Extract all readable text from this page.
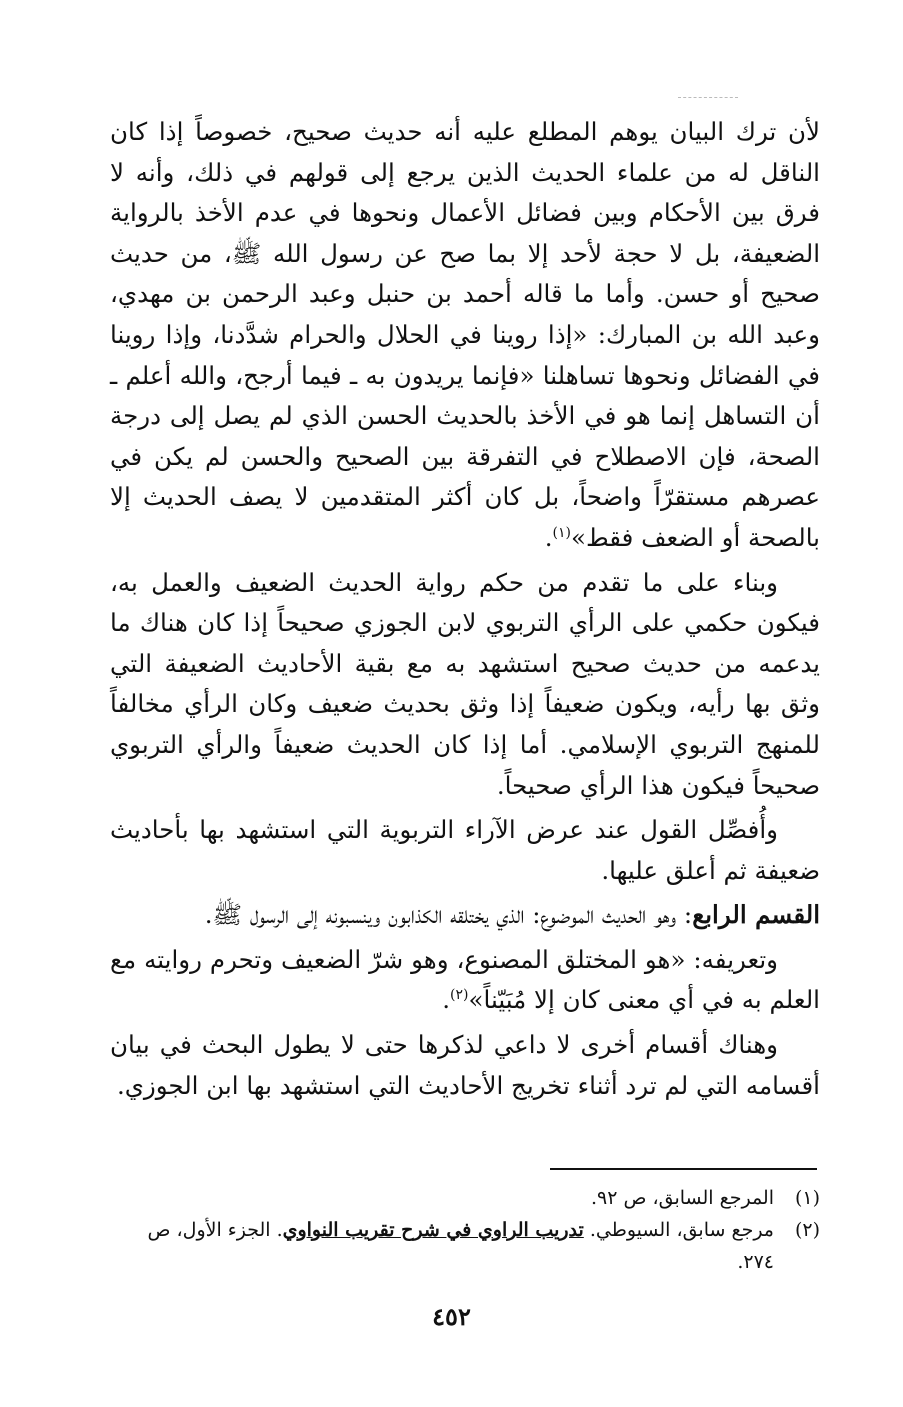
لأن ترك البيان يوهم المطلع عليه أنه حديث صحيح، خصوصاً إذا كان الناقل له من علماء الحديث الذين يرجع إلى قولهم في ذلك، وأنه لا فرق بين الأحكام وبين فضائل الأعمال ونحوها في عدم الأخذ بالرواية الضعيفة، بل لا حجة لأحد إلا بما صح عن رسول الله ﷺ، من حديث صحيح أو حسن. وأما ما قاله أحمد بن حنبل وعبد الرحمن بن مهدي، وعبد الله بن المبارك: «إذا روينا في الحلال والحرام شدَّدنا، وإذا روينا في الفضائل ونحوها تساهلنا «فإنما يريدون به ـ فيما أرجح، والله أعلم ـ أن التساهل إنما هو في الأخذ بالحديث الحسن الذي لم يصل إلى درجة الصحة، فإن الاصطلاح في التفرقة بين الصحيح والحسن لم يكن في عصرهم مستقرّاً واضحاً، بل كان أكثر المتقدمين لا يصف الحديث إلا بالصحة أو الضعف فقط»$^{(١)}$.

وبناء على ما تقدم من حكم رواية الحديث الضعيف والعمل به، فيكون حكمي على الرأي التربوي لابن الجوزي صحيحاً إذا كان هناك ما يدعمه من حديث صحيح استشهد به مع بقية الأحاديث الضعيفة التي وثق بها رأيه، ويكون ضعيفاً إذا وثق بحديث ضعيف وكان الرأي مخالفاً للمنهج التربوي الإسلامي. أما إذا كان الحديث ضعيفاً والرأي التربوي صحيحاً فيكون هذا الرأي صحيحاً.

وأُفصِّل القول عند عرض الآراء التربوية التي استشهد بها بأحاديث ضعيفة ثم أعلق عليها.

القسم الرابع: وهو الحديث الموضوع: الذي يختلقه الكذابون وينسبونه إلى الرسول ﷺ.

وتعريفه: «هو المختلق المصنوع، وهو شرّ الضعيف وتحرم روايته مع العلم به في أي معنى كان إلا مُبَيّناً»$^{(٢)}$.

وهناك أقسام أخرى لا داعي لذكرها حتى لا يطول البحث في بيان أقسامه التي لم ترد أثناء تخريج الأحاديث التي استشهد بها ابن الجوزي.

(١)
المرجع السابق، ص ٩٢.
(٢)
مرجع سابق، السيوطي. تدريب الراوي في شرح تقريب النواوي. الجزء الأول، ص ٢٧٤.
٤٥٢
